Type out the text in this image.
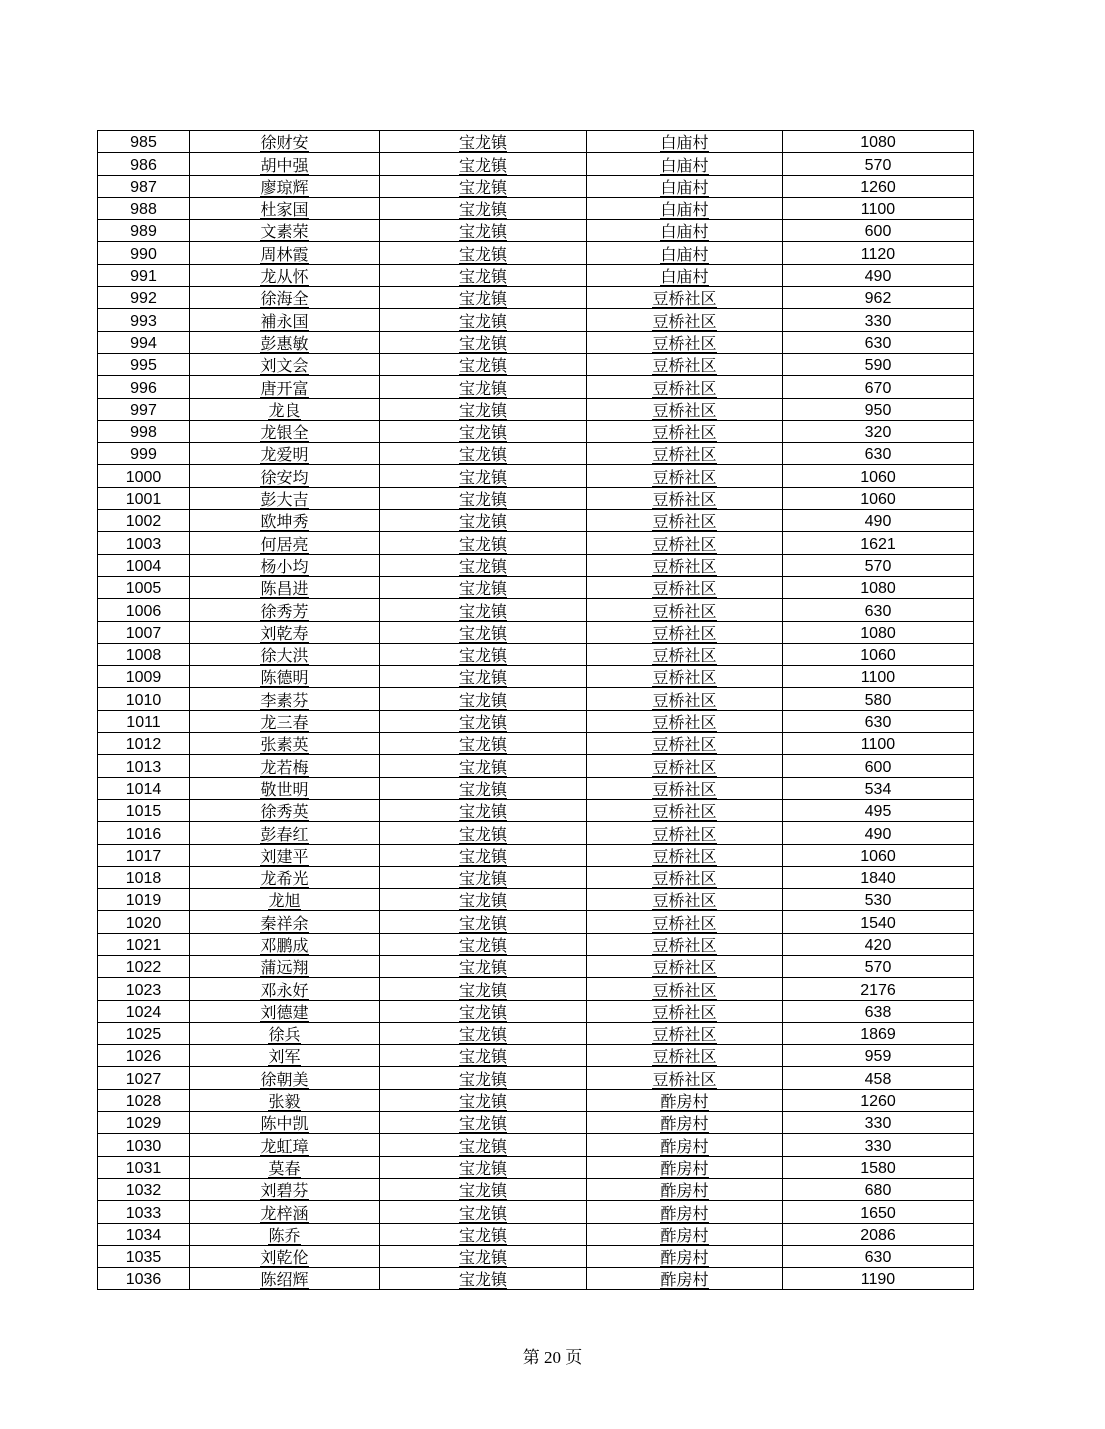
985	徐财安	宝龙镇	白庙村	1080
986	胡中强	宝龙镇	白庙村	570
987	廖琼辉	宝龙镇	白庙村	1260
988	杜家国	宝龙镇	白庙村	1100
989	文素荣	宝龙镇	白庙村	600
990	周林霞	宝龙镇	白庙村	1120
991	龙从怀	宝龙镇	白庙村	490
992	徐海全	宝龙镇	豆桥社区	962
993	補永国	宝龙镇	豆桥社区	330
994	彭惠敏	宝龙镇	豆桥社区	630
995	刘文会	宝龙镇	豆桥社区	590
996	唐开富	宝龙镇	豆桥社区	670
997	龙良	宝龙镇	豆桥社区	950
998	龙银全	宝龙镇	豆桥社区	320
999	龙爱明	宝龙镇	豆桥社区	630
1000	徐安均	宝龙镇	豆桥社区	1060
1001	彭大吉	宝龙镇	豆桥社区	1060
1002	欧坤秀	宝龙镇	豆桥社区	490
1003	何居亮	宝龙镇	豆桥社区	1621
1004	杨小均	宝龙镇	豆桥社区	570
1005	陈昌进	宝龙镇	豆桥社区	1080
1006	徐秀芳	宝龙镇	豆桥社区	630
1007	刘乾寿	宝龙镇	豆桥社区	1080
1008	徐大洪	宝龙镇	豆桥社区	1060
1009	陈德明	宝龙镇	豆桥社区	1100
1010	李素芬	宝龙镇	豆桥社区	580
1011	龙三春	宝龙镇	豆桥社区	630
1012	张素英	宝龙镇	豆桥社区	1100
1013	龙若梅	宝龙镇	豆桥社区	600
1014	敬世明	宝龙镇	豆桥社区	534
1015	徐秀英	宝龙镇	豆桥社区	495
1016	彭春红	宝龙镇	豆桥社区	490
1017	刘建平	宝龙镇	豆桥社区	1060
1018	龙希光	宝龙镇	豆桥社区	1840
1019	龙旭	宝龙镇	豆桥社区	530
1020	秦祥余	宝龙镇	豆桥社区	1540
1021	邓鹏成	宝龙镇	豆桥社区	420
1022	蒲远翔	宝龙镇	豆桥社区	570
1023	邓永好	宝龙镇	豆桥社区	2176
1024	刘德建	宝龙镇	豆桥社区	638
1025	徐兵	宝龙镇	豆桥社区	1869
1026	刘军	宝龙镇	豆桥社区	959
1027	徐朝美	宝龙镇	豆桥社区	458
1028	张毅	宝龙镇	酢房村	1260
1029	陈中凯	宝龙镇	酢房村	330
1030	龙虹璋	宝龙镇	酢房村	330
1031	莫春	宝龙镇	酢房村	1580
1032	刘碧芬	宝龙镇	酢房村	680
1033	龙梓涵	宝龙镇	酢房村	1650
1034	陈乔	宝龙镇	酢房村	2086
1035	刘乾伦	宝龙镇	酢房村	630
1036	陈绍辉	宝龙镇	酢房村	1190
第 20 页
